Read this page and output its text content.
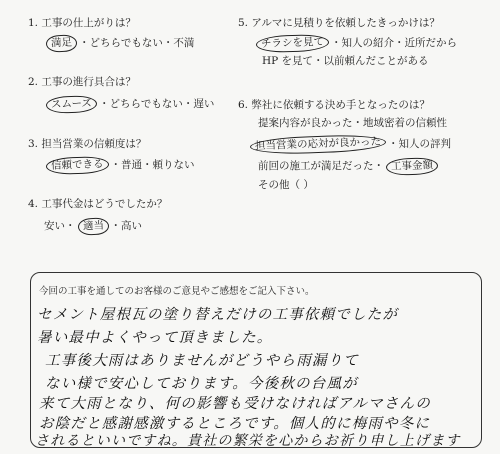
1. 工事の仕上がりは？
満足 ・どちらでもない・不満
2. 工事の進行具合は？
スムーズ ・どちらでもない・遅い
3. 担当営業の信頼度は？
信頼できる ・普通・頼りない
4. 工事代金はどうでしたか？
安い・ 適当 ・高い
5. アルマに見積りを依頼したきっかけは？
チラシを見て ・知人の紹介・近所だから
HP を見て・以前頼んだことがある
6. 弊社に依頼する決め手となったのは？
提案内容が良かった・地域密着の信頼性
担当営業の応対が良かった ・知人の評判
前回の施工が満足だった・ 工事金額
その他（ ）
今回の工事を通してのお客様のご意見やご感想をご記入下さい。
セメント屋根瓦の塗り替えだけの工事依頼でしたが
暑い最中よくやって頂きました。
工事後大雨はありませんがどうやら雨漏りて
ない様で安心しております。今後秋の台風が
来て大雨となり、何の影響も受けなければアルマさんの
お陰だと感謝感激するところです。個人的に梅雨や冬に
されるといいですね。貴社の繁栄を心からお祈り申し上げます
